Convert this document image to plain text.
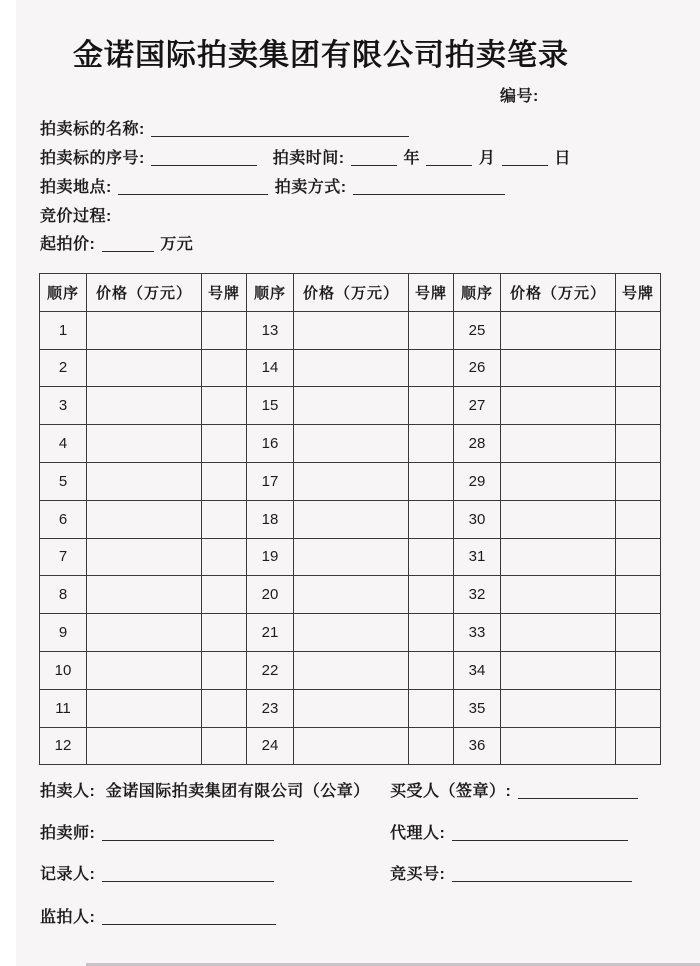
金诺国际拍卖集团有限公司拍卖笔录
编号:
拍卖标的名称:
拍卖标的序号:	拍卖时间:	年	月	日
拍卖地点:	拍卖方式:
竞价过程:
起拍价:	万元
顺序	价格（万元）	号牌	顺序	价格（万元）	号牌	顺序	价格（万元）	号牌
1			13			25		
2			14			26		
3			15			27		
4			16			28		
5			17			29		
6			18			30		
7			19			31		
8			20			32		
9			21			33		
10			22			34		
11			23			35		
12			24			36		
拍卖人: 金诺国际拍卖集团有限公司（公章） 买受人（签章）:
拍卖师:	代理人:
记录人:	竞买号:
监拍人:
